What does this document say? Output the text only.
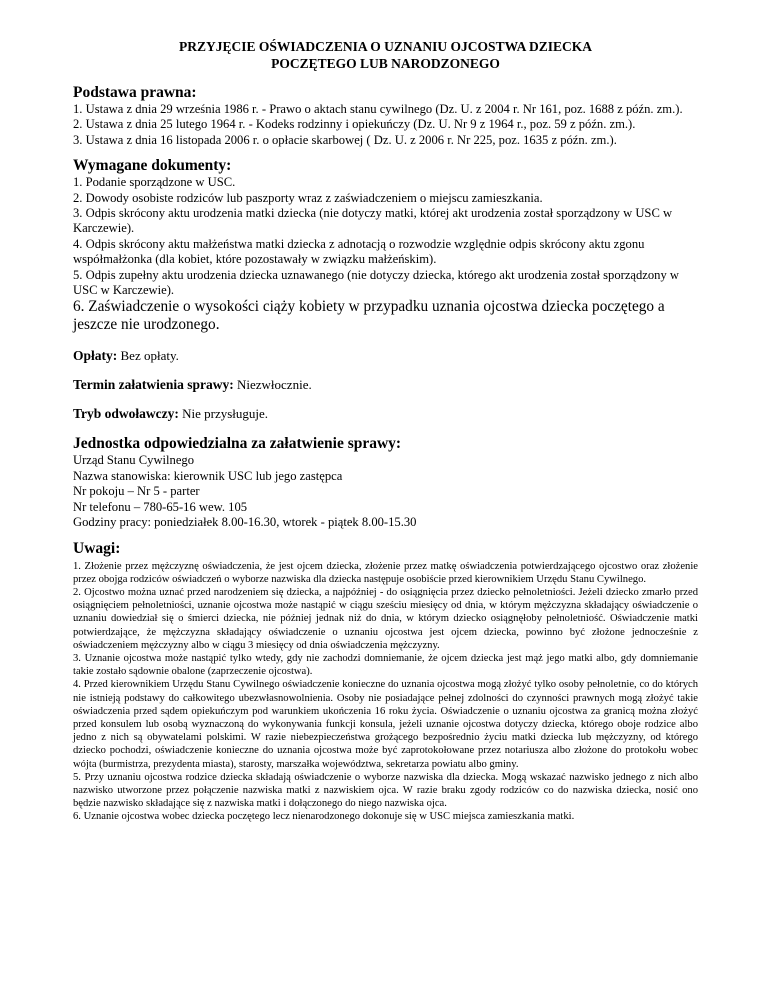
PRZYJĘCIE OŚWIADCZENIA O UZNANIU OJCOSTWA DZIECKA
POCZĘTEGO LUB NARODZONEGO
Podstawa prawna:
1. Ustawa z dnia 29 września 1986 r. - Prawo o aktach stanu cywilnego (Dz. U. z 2004 r. Nr 161, poz. 1688 z późn. zm.).
2. Ustawa z dnia 25 lutego 1964 r. - Kodeks rodzinny i opiekuńczy (Dz. U. Nr 9 z 1964 r., poz. 59 z późn. zm.).
3. Ustawa z dnia 16 listopada 2006 r. o opłacie skarbowej ( Dz. U. z 2006 r. Nr 225, poz. 1635 z późn. zm.).
Wymagane dokumenty:
1. Podanie sporządzone w USC.
2. Dowody osobiste rodziców lub paszporty wraz z zaświadczeniem o miejscu zamieszkania.
3. Odpis skrócony aktu urodzenia matki dziecka (nie dotyczy matki, której akt urodzenia został sporządzony w USC w Karczewie).
4. Odpis skrócony aktu małżeństwa matki dziecka z adnotacją o rozwodzie względnie odpis skrócony aktu zgonu współmałżonka (dla kobiet, które pozostawały w związku małżeńskim).
5. Odpis zupełny aktu urodzenia dziecka uznawanego (nie dotyczy dziecka, którego akt urodzenia został sporządzony w USC w Karczewie).
6. Zaświadczenie o wysokości ciąży kobiety w przypadku uznania ojcostwa dziecka poczętego a jeszcze nie urodzonego.
Opłaty: Bez opłaty.
Termin załatwienia sprawy: Niezwłocznie.
Tryb odwoławczy: Nie przysługuje.
Jednostka odpowiedzialna za załatwienie sprawy:
Urząd Stanu Cywilnego
Nazwa stanowiska: kierownik USC lub jego zastępca
Nr pokoju – Nr 5 - parter
Nr telefonu – 780-65-16 wew. 105
Godziny pracy: poniedziałek 8.00-16.30, wtorek - piątek 8.00-15.30
Uwagi:

1. Złożenie przez mężczyznę oświadczenia, że jest ojcem dziecka, złożenie przez matkę oświadczenia potwierdzającego ojcostwo oraz złożenie przez obojga rodziców oświadczeń o wyborze nazwiska dla dziecka następuje osobiście przed kierownikiem Urzędu Stanu Cywilnego.

2. Ojcostwo można uznać przed narodzeniem się dziecka, a najpóźniej - do osiągnięcia przez dziecko pełnoletniości. Jeżeli dziecko zmarło przed osiągnięciem pełnoletniości, uznanie ojcostwa może nastąpić w ciągu sześciu miesięcy od dnia, w którym mężczyzna składający oświadczenie o uznaniu dowiedział się o śmierci dziecka, nie później jednak niż do dnia, w którym dziecko osiągnęłoby pełnoletniość. Oświadczenie matki potwierdzające, że mężczyzna składający oświadczenie o uznaniu ojcostwa jest ojcem dziecka, powinno być złożone jednocześnie z oświadczeniem mężczyzny albo w ciągu 3 miesięcy od dnia oświadczenia mężczyzny.

3. Uznanie ojcostwa może nastąpić tylko wtedy, gdy nie zachodzi domniemanie, że ojcem dziecka jest mąż jego matki albo, gdy domniemanie takie zostało sądownie obalone (zaprzeczenie ojcostwa).

4. Przed kierownikiem Urzędu Stanu Cywilnego oświadczenie konieczne do uznania ojcostwa mogą złożyć tylko osoby pełnoletnie, co do których nie istnieją podstawy do całkowitego ubezwłasnowolnienia. Osoby nie posiadające pełnej zdolności do czynności prawnych mogą złożyć takie oświadczenia przed sądem opiekuńczym pod warunkiem ukończenia 16 roku życia. Oświadczenie o uznaniu ojcostwa za granicą można złożyć przed konsulem lub osobą wyznaczoną do wykonywania funkcji konsula, jeżeli uznanie ojcostwa dotyczy dziecka, którego oboje rodzice albo jedno z nich są obywatelami polskimi. W razie niebezpieczeństwa grożącego bezpośrednio życiu matki dziecka lub mężczyzny, od którego dziecko pochodzi, oświadczenie konieczne do uznania ojcostwa może być zaprotokołowane przez notariusza albo złożone do protokołu wobec wójta (burmistrza, prezydenta miasta), starosty, marszałka województwa, sekretarza powiatu albo gminy.

5. Przy uznaniu ojcostwa rodzice dziecka składają oświadczenie o wyborze nazwiska dla dziecka. Mogą wskazać nazwisko jednego z nich albo nazwisko utworzone przez połączenie nazwiska matki z nazwiskiem ojca. W razie braku zgody rodziców co do nazwiska dziecka, nosić ono będzie nazwisko składające się z nazwiska matki i dołączonego do niego nazwiska ojca.

6. Uznanie ojcostwa wobec dziecka poczętego lecz nienarodzonego dokonuje się w USC miejsca zamieszkania matki.
